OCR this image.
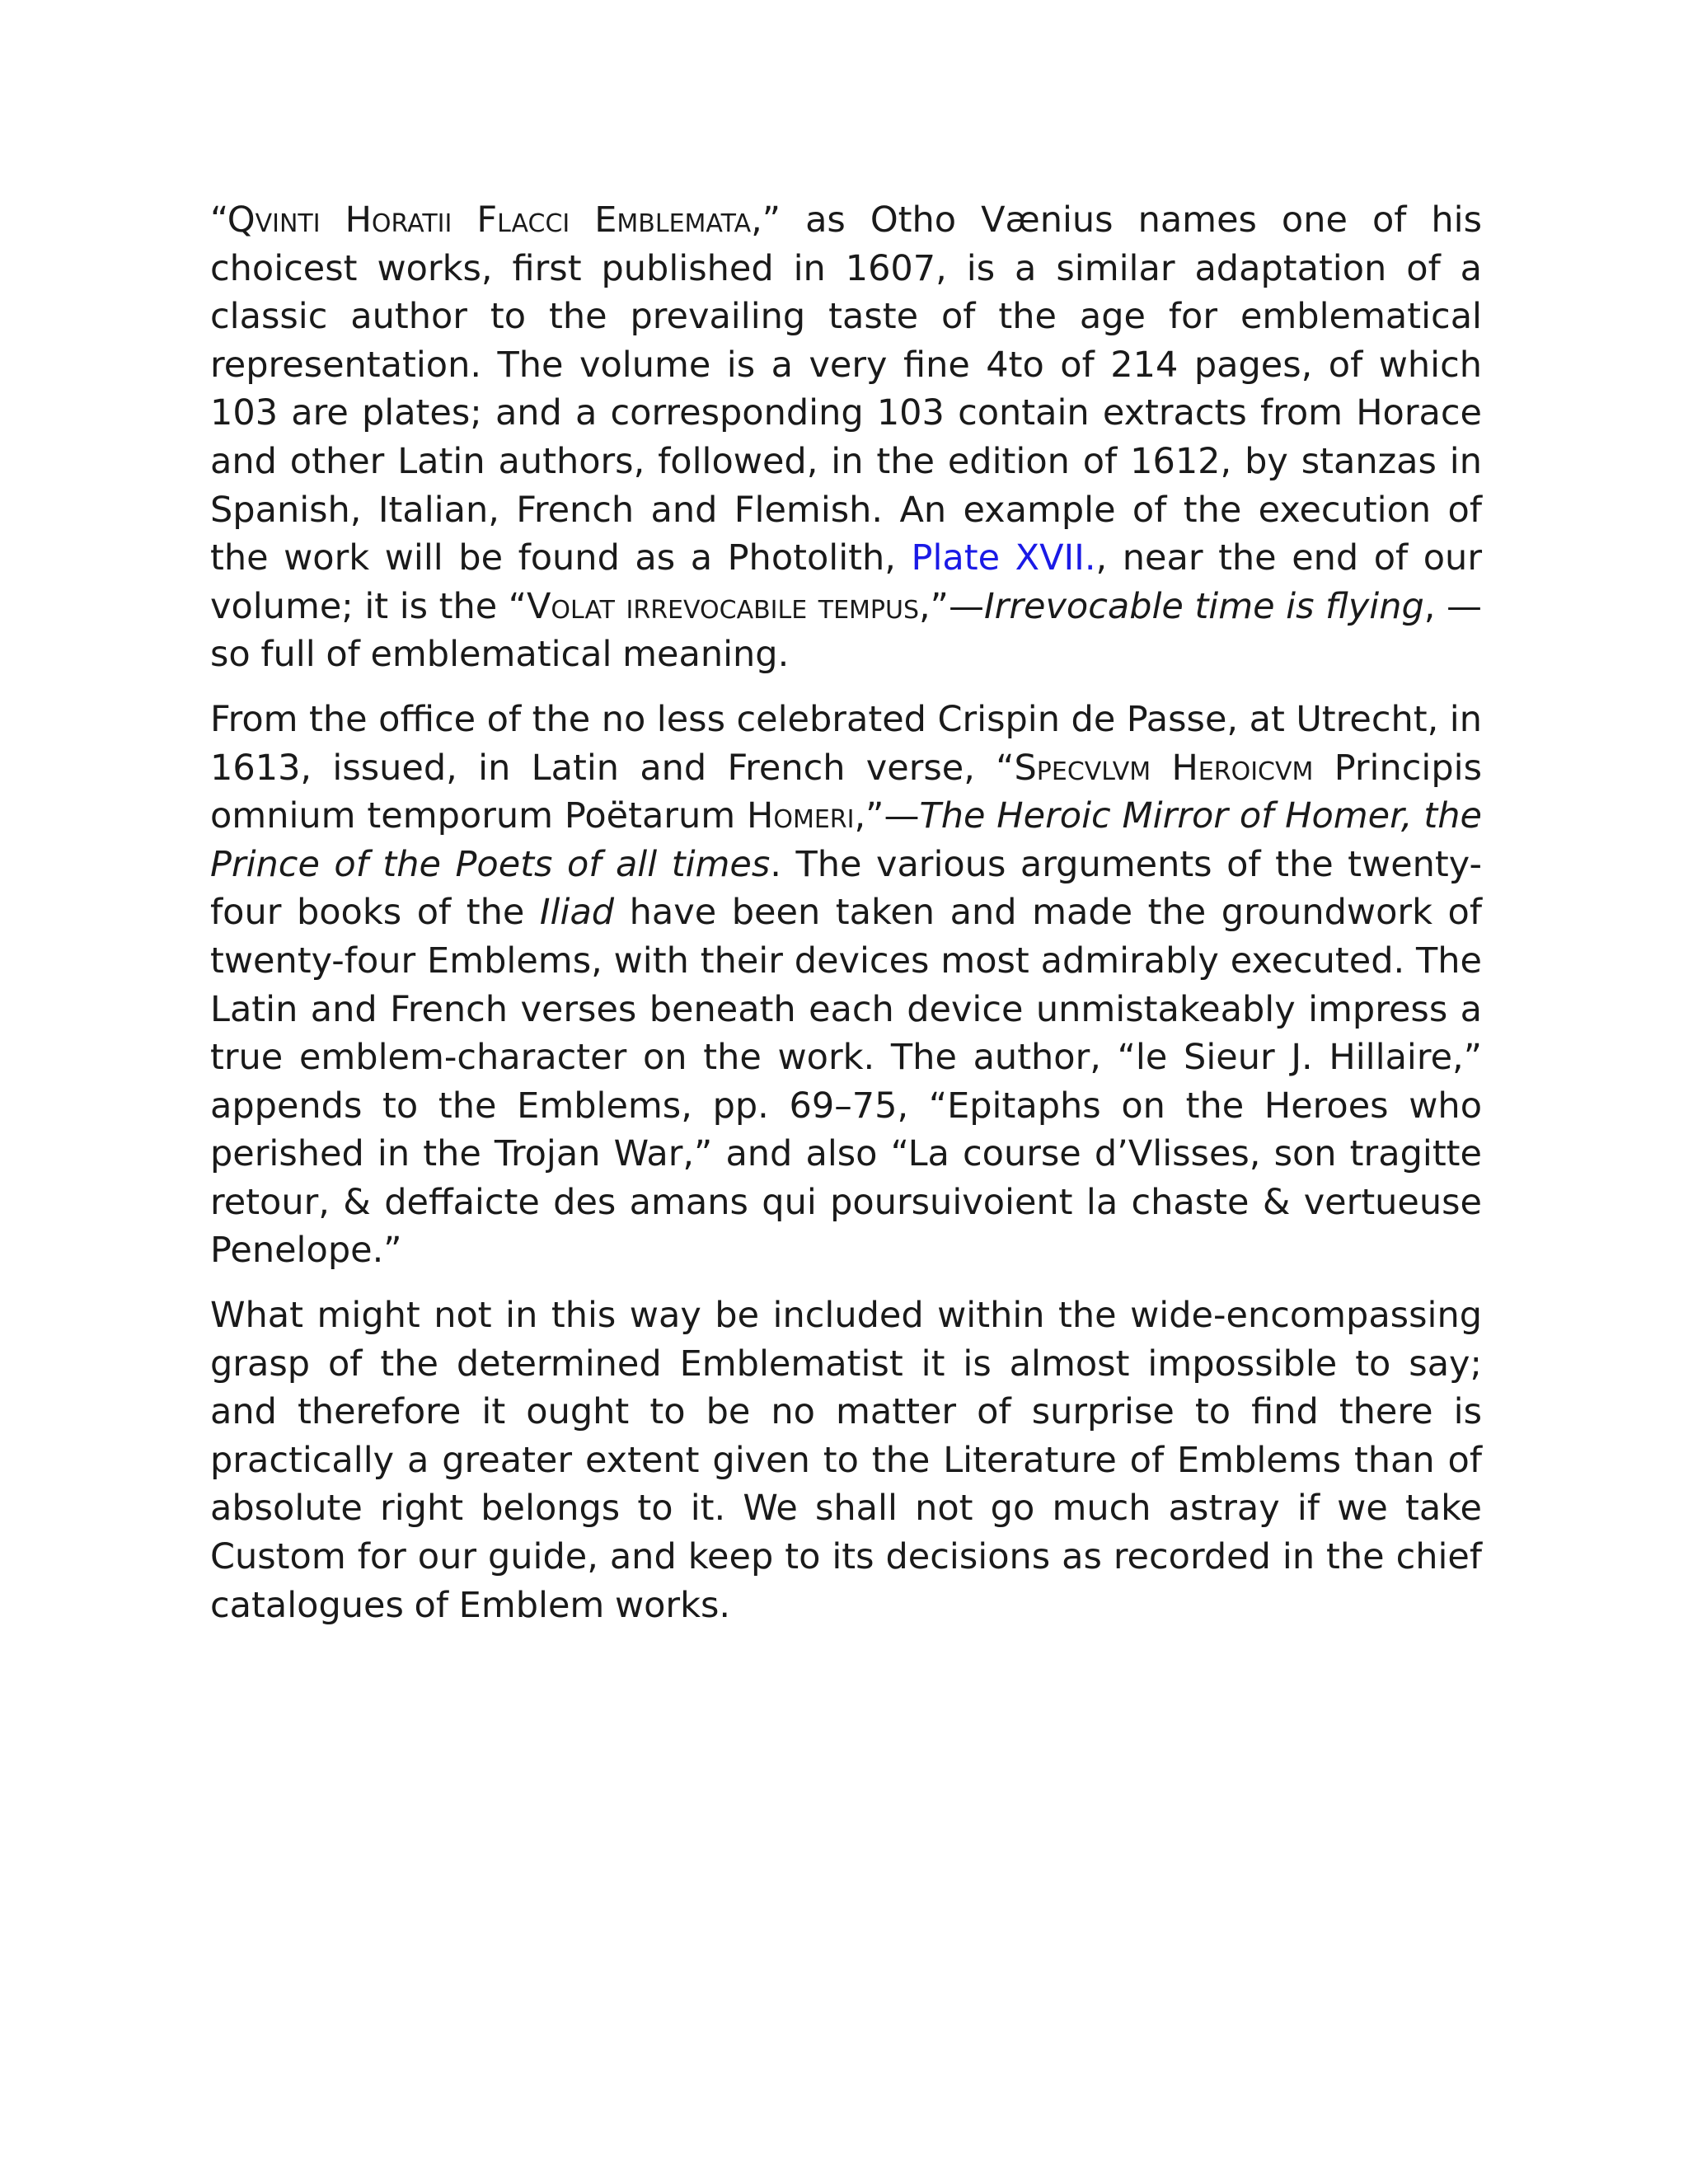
“Qvinti Horatii Flacci Emblemata,” as Otho Vænius names one of his choicest works, first published in 1607, is a similar adaptation of a classic author to the prevailing taste of the age for emblematical representation. The volume is a very fine 4to of 214 pages, of which 103 are plates; and a corresponding 103 contain extracts from Horace and other Latin authors, followed, in the edition of 1612, by stanzas in Spanish, Italian, French and Flemish. An example of the execution of the work will be found as a Photolith, Plate XVII., near the end of our volume; it is the “Volat irrevocabile tempus,”—Irrevocable time is flying, —so full of emblematical meaning.

From the office of the no less celebrated Crispin de Passe, at Utrecht, in 1613, issued, in Latin and French verse, “Specvlvm Heroicvm Principis omnium temporum Poëtarum Homeri,”—The Heroic Mirror of Homer, the Prince of the Poets of all times. The various arguments of the twenty-four books of the Iliad have been taken and made the groundwork of twenty-four Emblems, with their devices most admirably executed. The Latin and French verses beneath each device unmistakeably impress a true emblem-character on the work. The author, “le Sieur J. Hillaire,” appends to the Emblems, pp. 69–75, “Epitaphs on the Heroes who perished in the Trojan War,” and also “La course d’Vlisses, son tragitte retour, & deffaicte des amans qui poursuivoient la chaste & vertueuse Penelope.”

What might not in this way be included within the wide-encompassing grasp of the determined Emblematist it is almost impossible to say; and therefore it ought to be no matter of surprise to find there is practically a greater extent given to the Literature of Emblems than of absolute right belongs to it. We shall not go much astray if we take Custom for our guide, and keep to its decisions as recorded in the chief catalogues of Emblem works.
